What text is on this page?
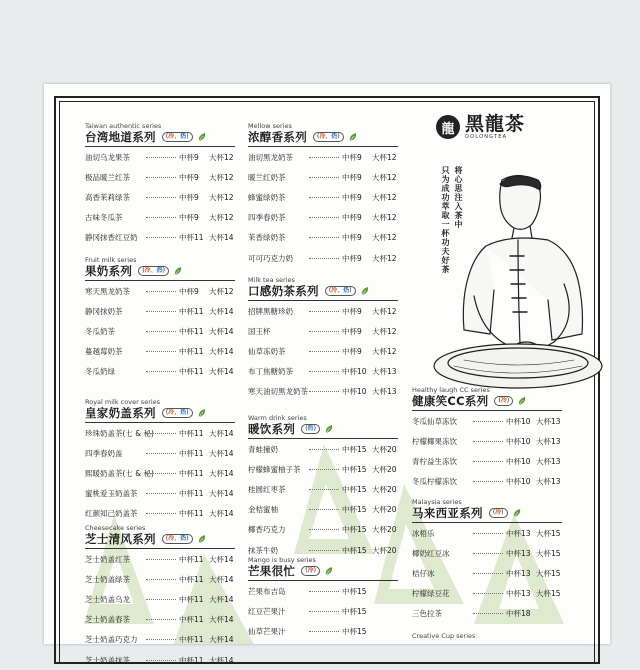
龍 黑龍茶
OOLONGTEA
只为成功萃取一杯功夫好茶 将心思注入茶中
Taiwan authentic series
台湾地道系列	(冷、热)
油切乌龙果茶	中杯9	大杯12
极品暖兰红茶	中杯9	大杯12
高香茉莉绿茶	中杯9	大杯12
古味冬瓜茶	中杯9	大杯12
静冈抹香红豆奶	中杯11 大杯14
Fruit milk series
果奶系列	(冷、热)
寒天黑龙奶茶	中杯9	大杯12
静冈抹奶茶	中杯11 大杯14
冬瓜奶茶	中杯11 大杯14
蔓越莓奶茶	中杯11 大杯14
冬瓜奶绿	中杯11 大杯14
Royal milk cover series
皇家奶盖系列	(冷、热)
珍珠奶盖茶(七 & 秘)	中杯11 大杯14
四季春奶盖	中杯11 大杯14
熙暖奶盖茶(七 & 秘)	中杯11 大杯14
蜜桃爱玉奶盖茶	中杯11 大杯14
红颜知己奶盖茶	中杯11 大杯14
Cheesecake series
芝士清风系列	(冷、热)
芝士奶盖红茶	中杯11 大杯14
芝士奶盖绿茶	中杯11 大杯14
芝士奶盖乌龙	中杯11 大杯14
芝士奶盖春茶	中杯11 大杯14
芝士奶盖巧克力	中杯11 大杯14
芝士奶盖抹茶	中杯11 大杯14
Mellow series
浓醇香系列	(冷、热)
油切黑龙奶茶	中杯9	大杯12
暖兰红奶茶	中杯9	大杯12
蜂蜜绿奶茶	中杯9	大杯12
四季春奶茶	中杯9	大杯12
茉香绿奶茶	中杯9	大杯12
可可巧克力奶	中杯9	大杯12
Milk tea series
口感奶茶系列	(冷、热)
招牌黑糖珍奶	中杯9	大杯12
国王杯	中杯9	大杯12
仙草冻奶茶	中杯9	大杯12
布丁焦糖奶茶	中杯10 大杯13
寒天油切黑龙奶茶	中杯10 大杯13
Warm drink series
暖饮系列	(热)
青蛙撞奶	中杯15 大杯20
柠檬蜂蜜柚子茶	中杯15 大杯20
桂圆红枣茶	中杯15 大杯20
金桔蜜柚	中杯15 大杯20
椰香巧克力	中杯15 大杯20
抹茶牛奶	中杯15 大杯20
Mango is busy series
芒果很忙	(冷)
芒果布吉岛	中杯15
红豆芒果汁	中杯15
仙草芒果汁	中杯15
Healthy laugh CC series
健康笑CC系列	(冷)
冬瓜仙草冻饮	中杯10 大杯13
柠檬椰果冻饮	中杯10 大杯13
青柠益生冻饮	中杯10 大杯13
冬瓜柠檬冻饮	中杯10 大杯13
Malaysia series
马来西亚系列	(冷)
冰梧乐	中杯13 大杯15
椰奶红豆冰	中杯13 大杯15
桔仔冰	中杯13 大杯15
柠檬绿豆花	中杯13 大杯15
三色拉茶	中杯18
Creative Cup series
